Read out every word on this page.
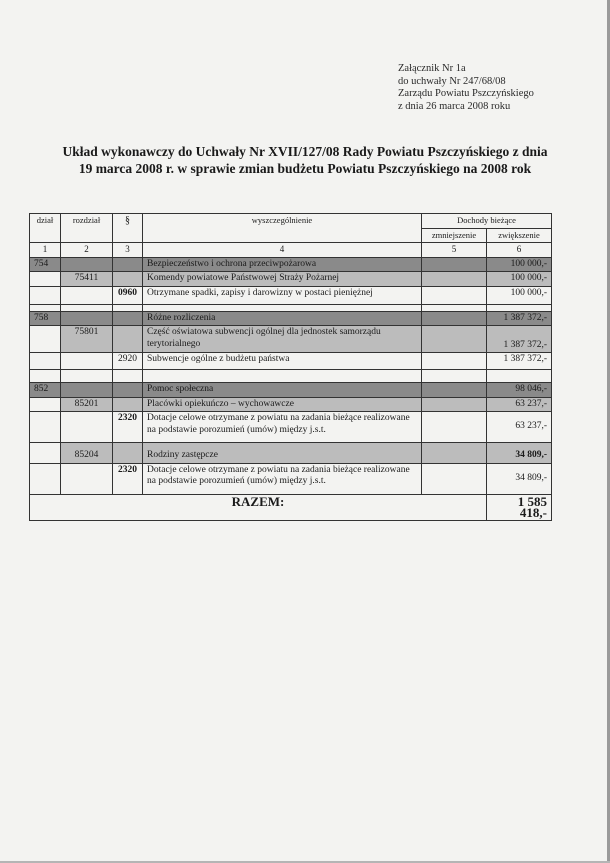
Załącznik Nr 1a
do uchwały Nr 247/68/08
Zarządu Powiatu Pszczyńskiego
z dnia 26 marca 2008 roku
Układ wykonawczy do Uchwały Nr XVII/127/08 Rady Powiatu Pszczyńskiego z dnia
19 marca 2008 r. w sprawie zmian budżetu Powiatu Pszczyńskiego na 2008 rok
dział	rozdział	§	wyszczególnienie	Dochody bieżące	
				zmniejszenie	zwiększenie
1	2	3	4	5	6
754			Bezpieczeństwo i ochrona przeciwpożarowa		100 000,-
	75411		Komendy powiatowe Państwowej Straży Pożarnej		100 000,-
		0960	Otrzymane spadki, zapisy i darowizny w postaci pieniężnej		100 000,-

758			Różne rozliczenia		1 387 372,-
	75801		Część oświatowa subwencji ogólnej dla jednostek samorządu terytorialnego		1 387 372,-
		2920	Subwencje ogólne z budżetu państwa		1 387 372,-

852			Pomoc społeczna		98 046,-
	85201		Placówki opiekuńczo – wychowawcze		63 237,-
		2320	Dotacje celowe otrzymane z powiatu na zadania bieżące realizowane na podstawie porozumień (umów) między j.s.t.		63 237,-
	85204		Rodziny zastępcze		34 809,-
		2320	Dotacje celowe otrzymane z powiatu na zadania bieżące realizowane na podstawie porozumień (umów) między j.s.t.		34 809,-
RAZEM:					1 585 418,-
